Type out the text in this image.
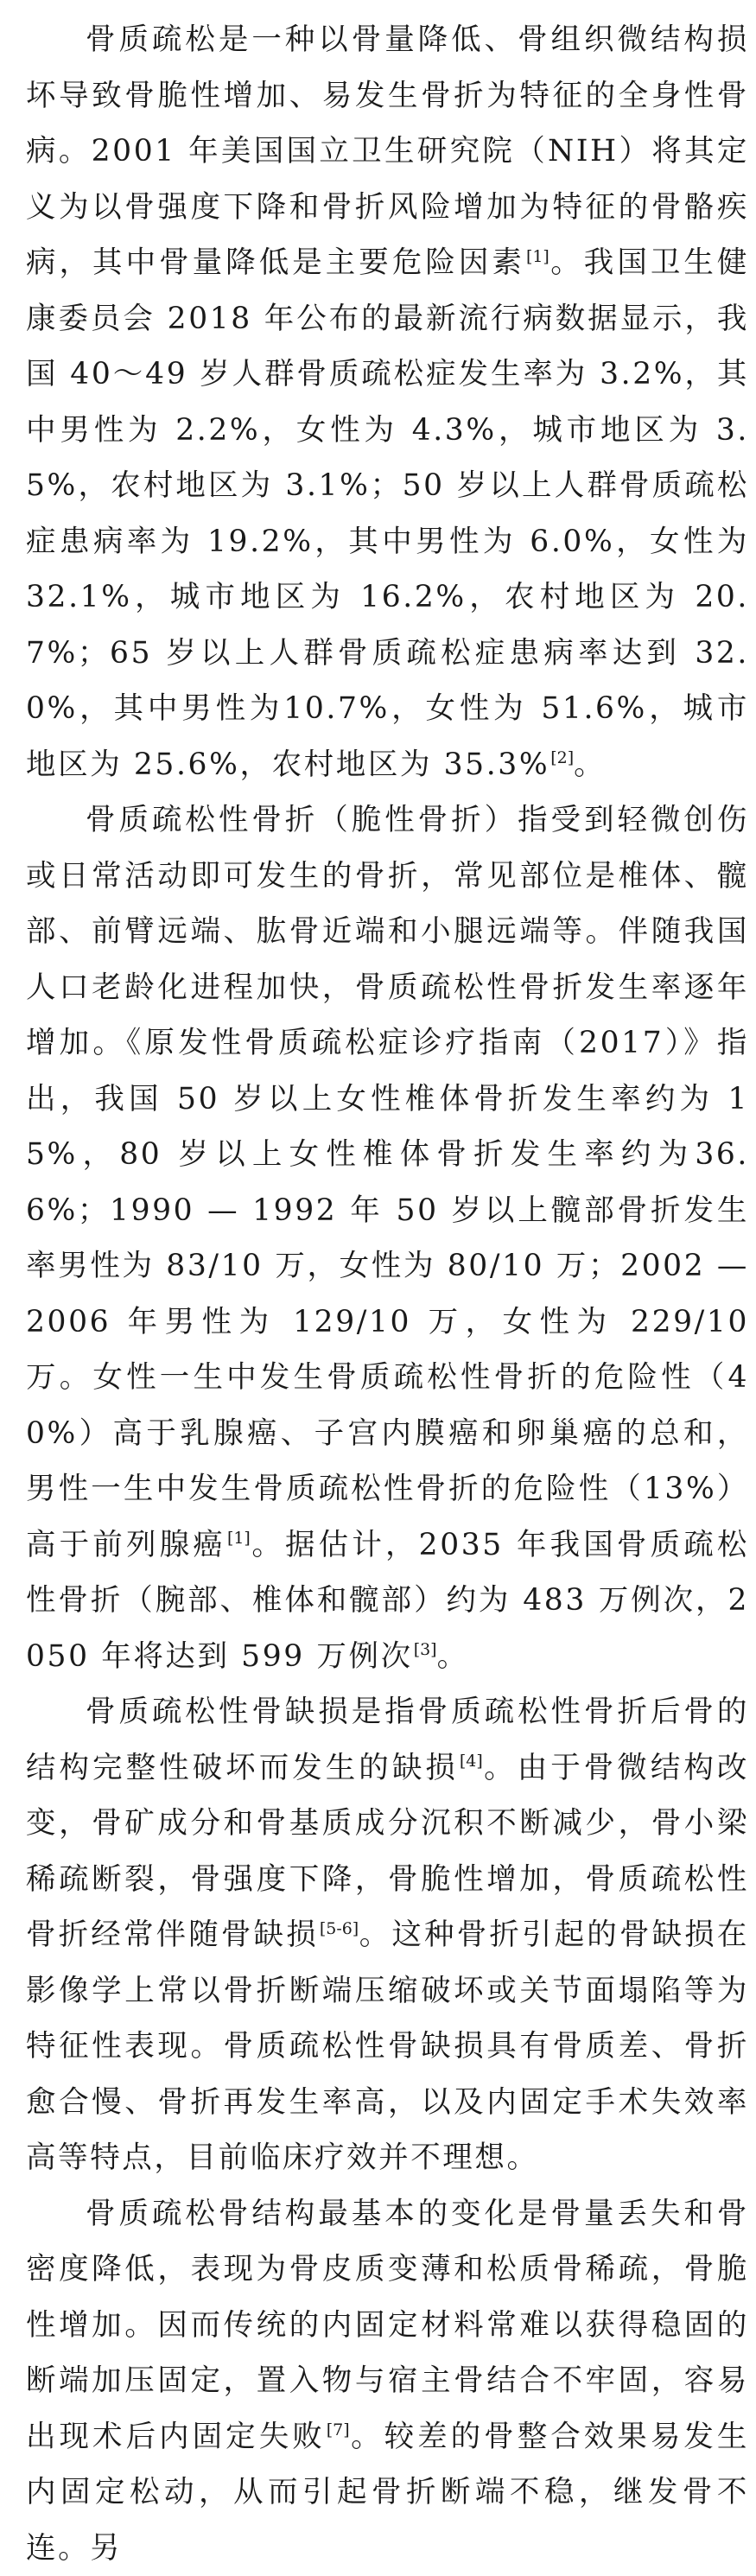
骨质疏松是一种以骨量降低、骨组织微结构损坏导致骨脆性增加、易发生骨折为特征的全身性骨病。2001 年美国国立卫生研究院（NIH）将其定义为以骨强度下降和骨折风险增加为特征的骨骼疾病，其中骨量降低是主要危险因素[1]。我国卫生健康委员会 2018 年公布的最新流行病数据显示，我国 40～49 岁人群骨质疏松症发生率为 3.2%，其中男性为 2.2%，女性为 4.3%，城市地区为 3.5%，农村地区为 3.1%；50 岁以上人群骨质疏松症患病率为 19.2%，其中男性为 6.0%，女性为 32.1%，城市地区为 16.2%，农村地区为 20.7%；65 岁以上人群骨质疏松症患病率达到 32.0%，其中男性为10.7%，女性为 51.6%，城市地区为 25.6%，农村地区为 35.3%[2]。

骨质疏松性骨折（脆性骨折）指受到轻微创伤或日常活动即可发生的骨折，常见部位是椎体、髋部、前臂远端、肱骨近端和小腿远端等。伴随我国人口老龄化进程加快，骨质疏松性骨折发生率逐年增加。《原发性骨质疏松症诊疗指南（2017）》指出，我国 50 岁以上女性椎体骨折发生率约为 15%，80 岁以上女性椎体骨折发生率约为36.6%；1990 — 1992 年 50 岁以上髋部骨折发生率男性为 83/10 万，女性为 80/10 万；2002 — 2006 年男性为 129/10 万，女性为 229/10 万。女性一生中发生骨质疏松性骨折的危险性（40%）高于乳腺癌、子宫内膜癌和卵巢癌的总和，男性一生中发生骨质疏松性骨折的危险性（13%）高于前列腺癌[1]。据估计，2035 年我国骨质疏松性骨折（腕部、椎体和髋部）约为 483 万例次，2050 年将达到 599 万例次[3]。

骨质疏松性骨缺损是指骨质疏松性骨折后骨的结构完整性破坏而发生的缺损[4]。由于骨微结构改变，骨矿成分和骨基质成分沉积不断减少，骨小梁稀疏断裂，骨强度下降，骨脆性增加，骨质疏松性骨折经常伴随骨缺损[5-6]。这种骨折引起的骨缺损在影像学上常以骨折断端压缩破坏或关节面塌陷等为特征性表现。骨质疏松性骨缺损具有骨质差、骨折愈合慢、骨折再发生率高，以及内固定手术失效率高等特点，目前临床疗效并不理想。

骨质疏松骨结构最基本的变化是骨量丢失和骨密度降低，表现为骨皮质变薄和松质骨稀疏，骨脆性增加。因而传统的内固定材料常难以获得稳固的断端加压固定，置入物与宿主骨结合不牢固，容易出现术后内固定失败[7]。较差的骨整合效果易发生内固定松动，从而引起骨折断端不稳，继发骨不连。另
